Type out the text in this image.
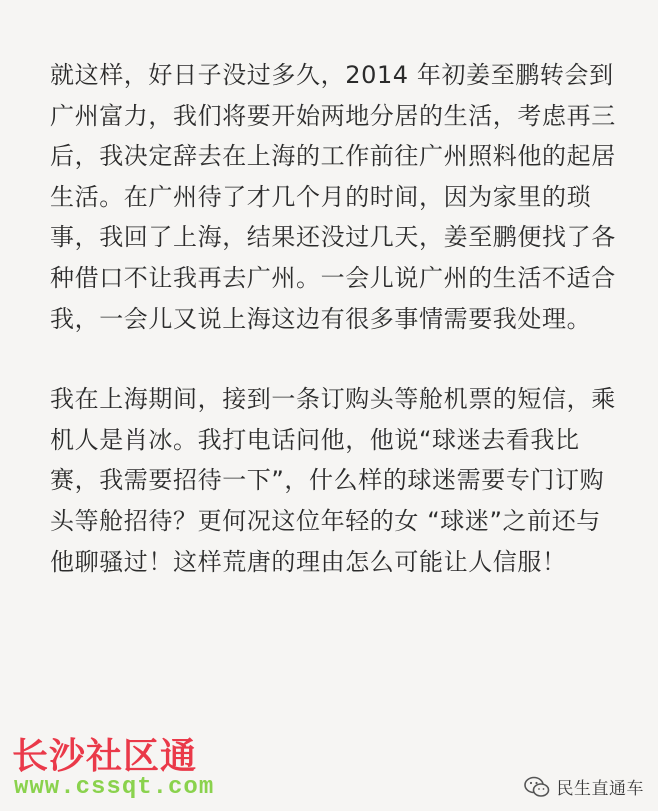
就这样，好日子没过多久，2014 年初姜至鹏转会到广州富力，我们将要开始两地分居的生活，考虑再三后，我决定辞去在上海的工作前往广州照料他的起居生活。在广州待了才几个月的时间，因为家里的琐事，我回了上海，结果还没过几天，姜至鹏便找了各种借口不让我再去广州。一会儿说广州的生活不适合我，一会儿又说上海这边有很多事情需要我处理。

我在上海期间，接到一条订购头等舱机票的短信，乘机人是肖冰。我打电话问他，他说“球迷去看我比赛，我需要招待一下”，什么样的球迷需要专门订购头等舱招待？更何况这位年轻的女 “球迷”之前还与他聊骚过！这样荒唐的理由怎么可能让人信服！

长沙社区通
www.cssqt.com	民生直通车
